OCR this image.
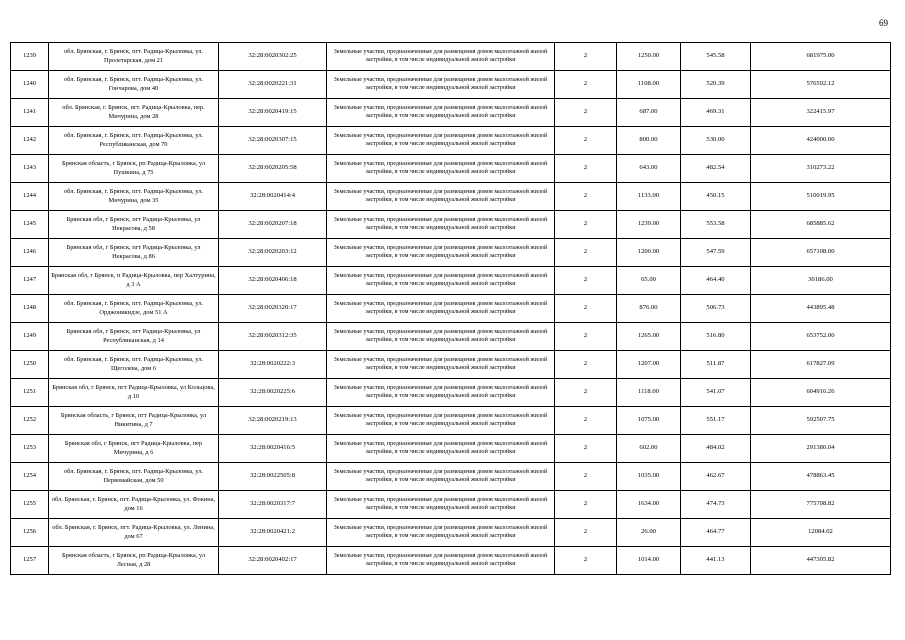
69
1239	обл. Брянская, г. Брянск, пгт. Радица-Крыловка, ул. Пролетарская, дом 21	32:28:0020302:25	Земельные участки, предназначенные для размещения домов малоэтажной жилой застройки, в том числе индивидуальной жилой застройки	2	1250.00	545.58	681975.00
1240	обл. Брянская, г. Брянск, пгт. Радица-Крыловка, ул. Гончарова, дом 40	32:28:0020221:31	Земельные участки, предназначенные для размещения домов малоэтажной жилой застройки, в том числе индивидуальной жилой застройки	2	1108.00	520.39	576592.12
1241	обл. Брянская, г. Брянск, пгт. Радица-Крыловка, пер. Мичурина, дом 28	32:28:0020419:15	Земельные участки, предназначенные для размещения домов малоэтажной жилой застройки, в том числе индивидуальной жилой застройки	2	687.00	469.31	322415.97
1242	обл. Брянская, г. Брянск, пгт. Радица-Крыловка, ул. Республиканская, дом 70	32:28:0020307:15	Земельные участки, предназначенные для размещения домов малоэтажной жилой застройки, в том числе индивидуальной жилой застройки	2	800.00	530.00	424000.00
1243	Брянская область, г Брянск, рп Радица-Крыловка, ул Пушкина, д 75	32:28:0020205:58	Земельные участки, предназначенные для размещения домов малоэтажной жилой застройки, в том числе индивидуальной жилой застройки	2	643.00	482.54	310273.22
1244	обл. Брянская, г. Брянск, пгт. Радица-Крыловка, ул. Мичурина, дом 35	32:28:0020414:4	Земельные участки, предназначенные для размещения домов малоэтажной жилой застройки, в том числе индивидуальной жилой застройки	2	1133.00	450.15	510019.95
1245	Брянская обл, г Брянск, пгт Радица-Крыловка, ул Некрасова, д 58	32:28:0020207:18	Земельные участки, предназначенные для размещения домов малоэтажной жилой застройки, в том числе индивидуальной жилой застройки	2	1239.00	553.58	685885.62
1246	Брянская обл, г Брянск, пгт Радица-Крыловка, ул Некрасова, д 86	32:28:0020203:12	Земельные участки, предназначенные для размещения домов малоэтажной жилой застройки, в том числе индивидуальной жилой застройки	2	1200.00	547.59	657108.00
1247	Брянская обл, г Брянск, п Радица-Крыловка, пер Халтурина, д 3 А	32:28:0020406:18	Земельные участки, предназначенные для размещения домов малоэтажной жилой застройки, в том числе индивидуальной жилой застройки	2	65.00	464.40	30186.00
1248	обл. Брянская, г. Брянск, пгт. Радица-Крыловка, ул. Орджоникидзе, дом 51 А	32:28:0020320:17	Земельные участки, предназначенные для размещения домов малоэтажной жилой застройки, в том числе индивидуальной жилой застройки	2	876.00	506.73	443895.48
1249	Брянская обл, г Брянск, пгт Радица-Крыловка, ул Республиканская, д 14	32:28:0020312:35	Земельные участки, предназначенные для размещения домов малоэтажной жилой застройки, в том числе индивидуальной жилой застройки	2	1265.00	516.80	653752.00
1250	обл. Брянская, г. Брянск, пгт. Радица-Крыловка, ул. Щеголева, дом 6	32:28:0020222:3	Земельные участки, предназначенные для размещения домов малоэтажной жилой застройки, в том числе индивидуальной жилой застройки	2	1207.00	511.87	617827.09
1251	Брянская обл, г Брянск, пгт Радица-Крыловка, ул Кольцова, д 10	32:28:0020225:6	Земельные участки, предназначенные для размещения домов малоэтажной жилой застройки, в том числе индивидуальной жилой застройки	2	1118.00	541.07	604916.26
1252	Брянская область, г Брянск, пгт Радица-Крыловка, ул Никитина, д 7	32:28:0020219:13	Земельные участки, предназначенные для размещения домов малоэтажной жилой застройки, в том числе индивидуальной жилой застройки	2	1075.00	551.17	592507.75
1253	Брянская обл, г Брянск, пгт Радица-Крыловка, пер Мичурина, д 6	32:28:0020416:5	Земельные участки, предназначенные для размещения домов малоэтажной жилой застройки, в том числе индивидуальной жилой застройки	2	602.00	484.02	291380.04
1254	обл. Брянская, г. Брянск, пгт. Радица-Крыловка, ул. Первомайская, дом 50	32:28:0022505:8	Земельные участки, предназначенные для размещения домов малоэтажной жилой застройки, в том числе индивидуальной жилой застройки	2	1035.00	462.67	478863.45
1255	обл. Брянская, г. Брянск, пгт. Радица-Крыловка, ул. Фокина, дом 16	32:28:0020317:7	Земельные участки, предназначенные для размещения домов малоэтажной жилой застройки, в том числе индивидуальной жилой застройки	2	1634.00	474.73	775708.82
1256	обл. Брянская, г. Брянск, пгт. Радица-Крыловка, ул. Ленина, дом 67	32:28:0020421:2	Земельные участки, предназначенные для размещения домов малоэтажной жилой застройки, в том числе индивидуальной жилой застройки	2	26.00	464.77	12084.02
1257	Брянская область, г Брянск, рп Радица-Крыловка, ул Лесная, д 28	32:28:0020402:17	Земельные участки, предназначенные для размещения домов малоэтажной жилой застройки, в том числе индивидуальной жилой застройки	2	1014.00	441.13	447305.82
